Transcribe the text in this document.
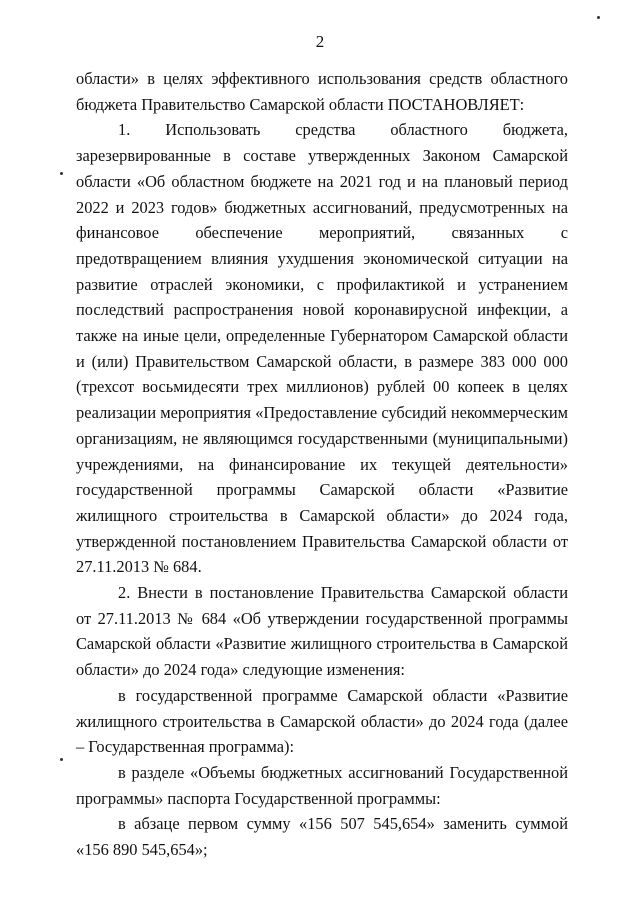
2

области» в целях эффективного использования средств областного бюджета Правительство Самарской области ПОСТАНОВЛЯЕТ:

1. Использовать средства областного бюджета, зарезервированные в составе утвержденных Законом Самарской области «Об областном бюджете на 2021 год и на плановый период 2022 и 2023 годов» бюджетных ассигнований, предусмотренных на финансовое обеспечение мероприятий, связанных с предотвращением влияния ухудшения экономической ситуации на развитие отраслей экономики, с профилактикой и устранением последствий распространения новой коронавирусной инфекции, а также на иные цели, определенные Губернатором Самарской области и (или) Правительством Самарской области, в размере 383 000 000 (трехсот восьмидесяти трех миллионов) рублей 00 копеек в целях реализации мероприятия «Предоставление субсидий некоммерческим организациям, не являющимся государственными (муниципальными) учреждениями, на финансирование их текущей деятельности» государственной программы Самарской области «Развитие жилищного строительства в Самарской области» до 2024 года, утвержденной постановлением Правительства Самарской области от 27.11.2013 № 684.

2. Внести в постановление Правительства Самарской области от 27.11.2013 № 684 «Об утверждении государственной программы Самарской области «Развитие жилищного строительства в Самарской области» до 2024 года» следующие изменения:

в государственной программе Самарской области «Развитие жилищного строительства в Самарской области» до 2024 года (далее – Государственная программа):

в разделе «Объемы бюджетных ассигнований Государственной программы» паспорта Государственной программы:

в абзаце первом сумму «156 507 545,654» заменить суммой «156 890 545,654»;
